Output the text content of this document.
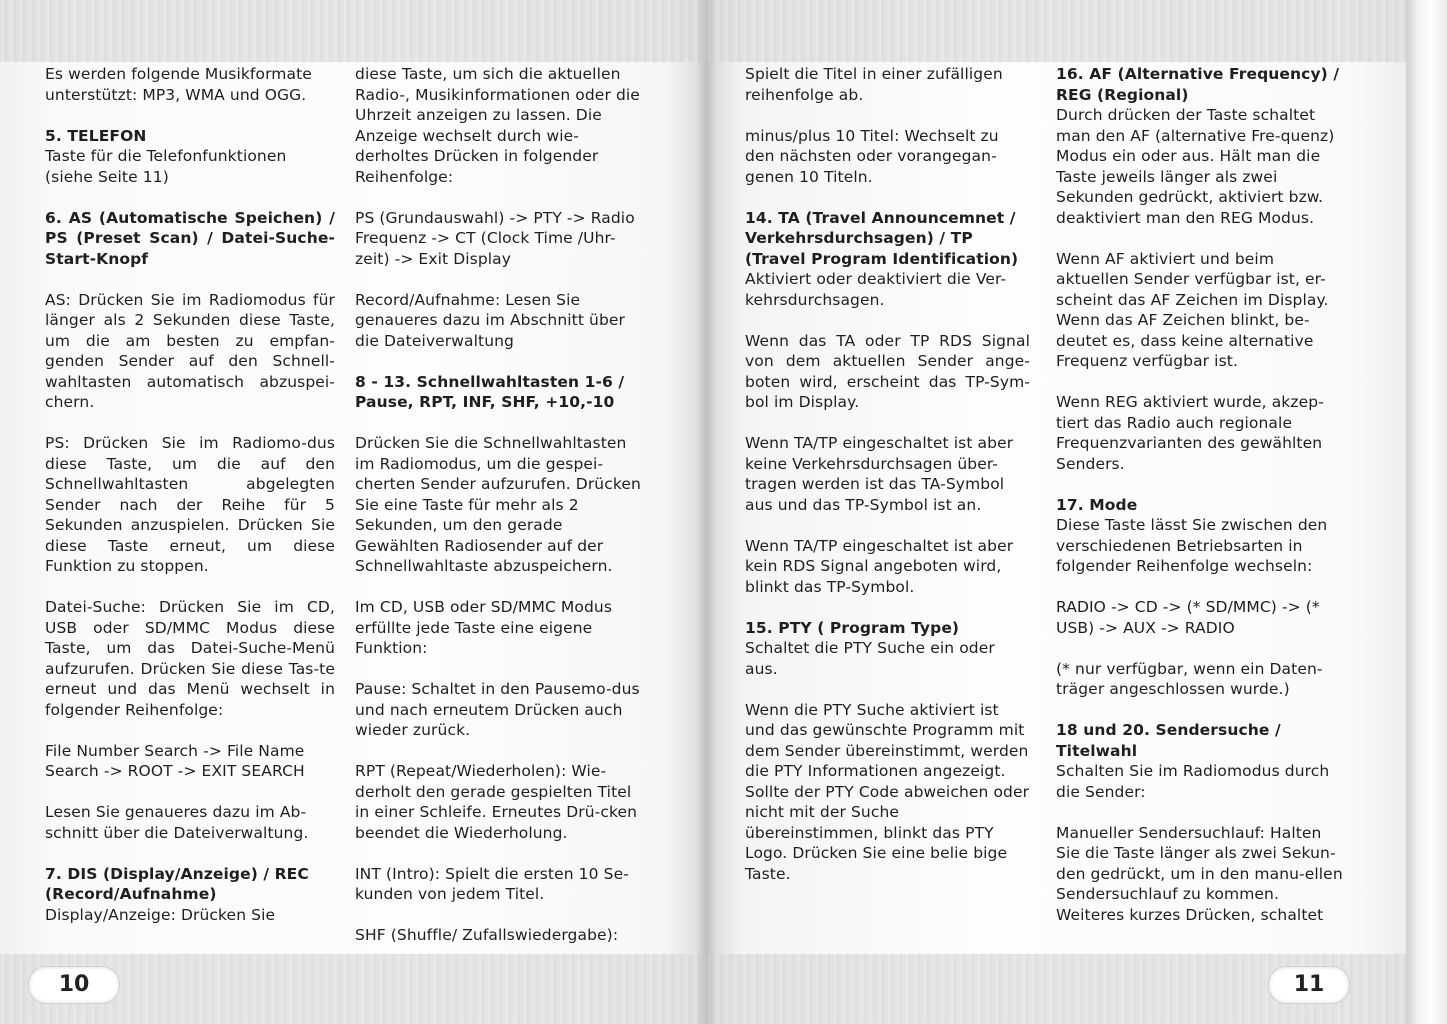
Es werden folgende Musikformate unterstützt: MP3, WMA und OGG.

5. TELEFON

Taste für die Telefonfunktionen (siehe Seite 11)

6. AS (Automatische Speichen) / PS (Preset Scan) / Datei-Suche- Start-Knopf

AS: Drücken Sie im Radiomodus für länger als 2 Sekunden diese Taste, um die am besten zu empfan-genden Sender auf den Schnell-wahltasten automatisch abzuspei-chern.

PS: Drücken Sie im Radiomo-dus diese Taste, um die auf den Schnellwahltasten abgelegten Sender nach der Reihe für 5 Sekunden anzuspielen. Drücken Sie diese Taste erneut, um diese Funktion zu stoppen.

Datei-Suche: Drücken Sie im CD, USB oder SD/MMC Modus diese Taste, um das Datei-Suche-Menü aufzurufen. Drücken Sie diese Tas-te erneut und das Menü wechselt in folgender Reihenfolge:

File Number Search -> File Name Search -> ROOT -> EXIT SEARCH

Lesen Sie genaueres dazu im Ab-schnitt über die Dateiverwaltung.

7. DIS (Display/Anzeige) / REC (Record/Aufnahme)

Display/Anzeige: Drücken Sie

diese Taste, um sich die aktuellen Radio-, Musikinformationen oder die Uhrzeit anzeigen zu lassen. Die Anzeige wechselt durch wie-derholtes Drücken in folgender Reihenfolge:

PS (Grundauswahl) -> PTY -> Radio Frequenz -> CT (Clock Time /Uhr-zeit) -> Exit Display

Record/Aufnahme: Lesen Sie genaueres dazu im Abschnitt über die Dateiverwaltung

8 - 13. Schnellwahltasten 1-6 / Pause, RPT, INF, SHF, +10,-10

Drücken Sie die Schnellwahltasten im Radiomodus, um die gespei-cherten Sender aufzurufen. Drücken Sie eine Taste für mehr als 2 Sekunden, um den gerade Gewählten Radiosender auf der Schnellwahltaste abzuspeichern.

Im CD, USB oder SD/MMC Modus erfüllte jede Taste eine eigene Funktion:

Pause: Schaltet in den Pausemo-dus und nach erneutem Drücken auch wieder zurück.

RPT (Repeat/Wiederholen): Wie-derholt den gerade gespielten Titel in einer Schleife. Erneutes Drü-cken beendet die Wiederholung.

INT (Intro): Spielt die ersten 10 Se-kunden von jedem Titel.

SHF (Shuffle/ Zufallswiedergabe):

10

Spielt die Titel in einer zufälligen reihenfolge ab.

minus/plus 10 Titel: Wechselt zu den nächsten oder vorangegan-genen 10 Titeln.

14. TA (Travel Announcemnet / Verkehrsdurchsagen) / TP (Travel Program Identification)

Aktiviert oder deaktiviert die Ver-kehrsdurchsagen.

Wenn das TA oder TP RDS Signal von dem aktuellen Sender ange-boten wird, erscheint das TP-Sym-bol im Display.

Wenn TA/TP eingeschaltet ist aber keine Verkehrsdurchsagen über-tragen werden ist das TA-Symbol aus und das TP-Symbol ist an.

Wenn TA/TP eingeschaltet ist aber kein RDS Signal angeboten wird, blinkt das TP-Symbol.

15. PTY ( Program Type)

Schaltet die PTY Suche ein oder aus.

Wenn die PTY Suche aktiviert ist und das gewünschte Programm mit dem Sender übereinstimmt, werden die PTY Informationen angezeigt. Sollte der PTY Code abweichen oder nicht mit der Suche übereinstimmen, blinkt das PTY Logo. Drücken Sie eine belie bige Taste.

16. AF (Alternative Frequency) / REG (Regional)

Durch drücken der Taste schaltet man den AF (alternative Fre-quenz) Modus ein oder aus. Hält man die Taste jeweils länger als zwei Sekunden gedrückt, aktiviert bzw. deaktiviert man den REG Modus.

Wenn AF aktiviert und beim aktuellen Sender verfügbar ist, er-scheint das AF Zeichen im Display. Wenn das AF Zeichen blinkt, be-deutet es, dass keine alternative Frequenz verfügbar ist.

Wenn REG aktiviert wurde, akzep-tiert das Radio auch regionale Frequenzvarianten des gewählten Senders.

17. Mode

Diese Taste lässt Sie zwischen den verschiedenen Betriebsarten in folgender Reihenfolge wechseln:

RADIO -> CD -> (* SD/MMC) -> (* USB) -> AUX -> RADIO

(* nur verfügbar, wenn ein Daten-träger angeschlossen wurde.)

18 und 20. Sendersuche / Titelwahl

Schalten Sie im Radiomodus durch die Sender:

Manueller Sendersuchlauf: Halten Sie die Taste länger als zwei Sekun-den gedrückt, um in den manu-ellen Sendersuchlauf zu kommen. Weiteres kurzes Drücken, schaltet

11
